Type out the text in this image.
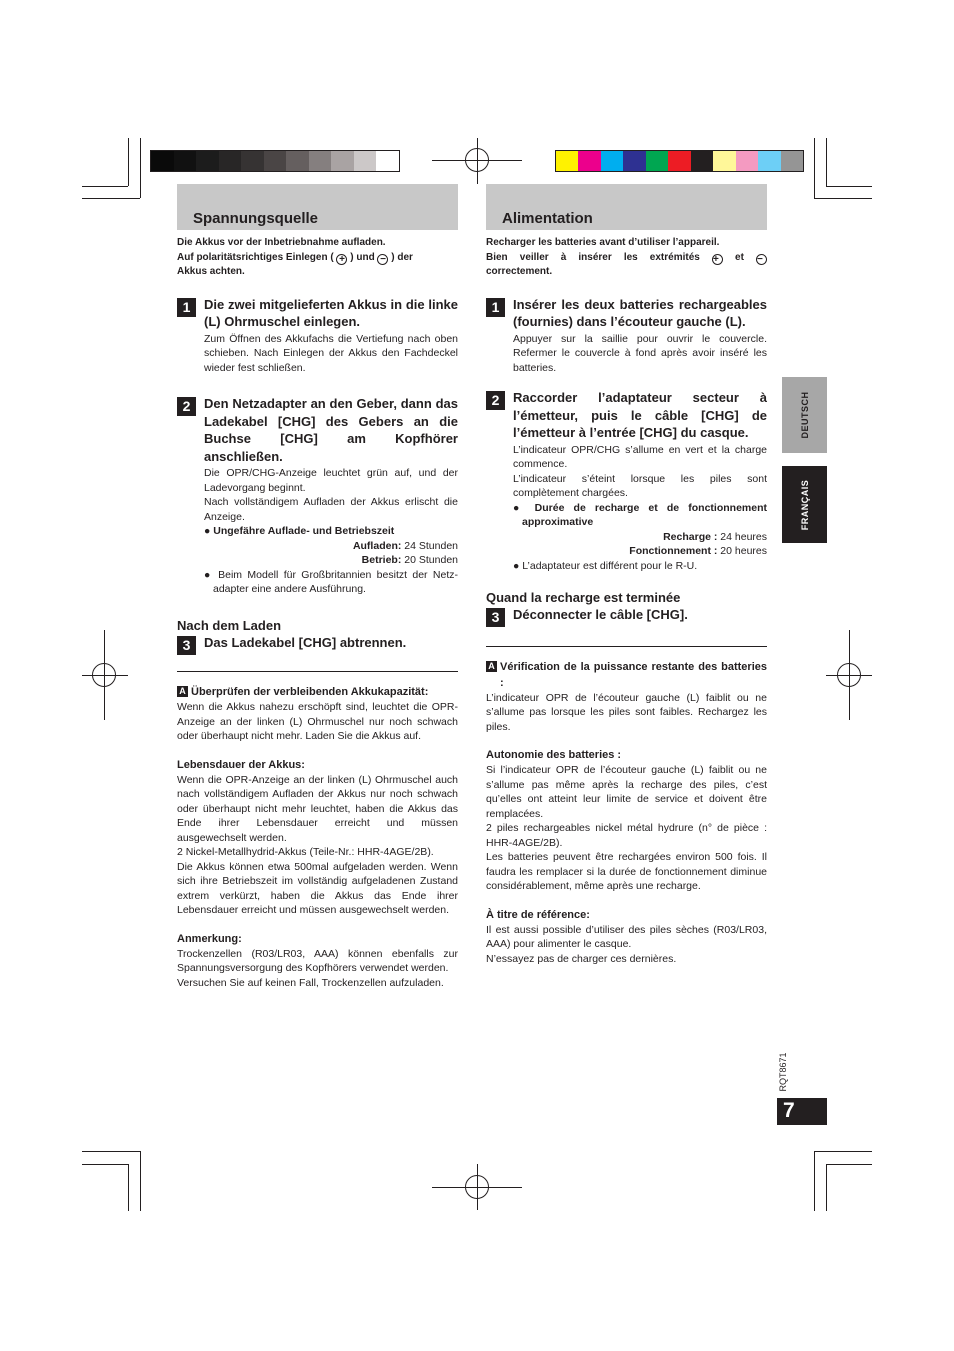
Spannungsquelle
Die Akkus vor der Inbetriebnahme aufladen.
Auf polaritätsrichtiges Einlegen ( + ) und − ) der
Akkus achten.
1	Die zwei mitgelieferten Akkus in die linke (L) Ohrmuschel einlegen.
Zum Öffnen des Akkufachs die Vertiefung nach oben schieben. Nach Einlegen der Akkus den Fachdeckel wieder fest schließen.
2	Den Netzadapter an den Geber, dann das Ladekabel [CHG] des Gebers an die Buchse [CHG] am Kopfhörer anschließen.
Die OPR/CHG-Anzeige leuchtet grün auf, und der Ladevorgang beginnt.
Nach vollständigem Aufladen der Akkus erlischt die Anzeige.
● Ungefähre Auflade- und Betriebszeit
Aufladen: 24 Stunden
Betrieb: 20 Stunden
● Beim Modell für Großbritannien besitzt der Netz-adapter eine andere Ausführung.
Nach dem Laden
3	Das Ladekabel [CHG] abtrennen.
A Überprüfen der verbleibenden Akkukapazität:
Wenn die Akkus nahezu erschöpft sind, leuchtet die OPR-Anzeige an der linken (L) Ohrmuschel nur noch schwach oder überhaupt nicht mehr. Laden Sie die Akkus auf.
Lebensdauer der Akkus:
Wenn die OPR-Anzeige an der linken (L) Ohrmuschel auch nach vollständigem Aufladen der Akkus nur noch schwach oder überhaupt nicht mehr leuchtet, haben die Akkus das Ende ihrer Lebensdauer erreicht und müssen ausgewechselt werden.
2 Nickel-Metallhydrid-Akkus (Teile-Nr.: HHR-4AGE/2B).
Die Akkus können etwa 500mal aufgeladen werden. Wenn sich ihre Betriebszeit im vollständig aufgeladenen Zustand extrem verkürzt, haben die Akkus das Ende ihrer Lebensdauer erreicht und müssen ausgewechselt werden.
Anmerkung:
Trockenzellen (R03/LR03, AAA) können ebenfalls zur Spannungsversorgung des Kopfhörers verwendet werden.
Versuchen Sie auf keinen Fall, Trockenzellen aufzuladen.
Alimentation
Recharger les batteries avant d’utiliser l’appareil.
Bien veiller à insérer les extrémités + et −
correctement.
1	Insérer les deux batteries rechargeables (fournies) dans l’écouteur gauche (L).
Appuyer sur la saillie pour ouvrir le couvercle. Refermer le couvercle à fond après avoir inséré les batteries.
2	Raccorder l’adaptateur secteur à l’émetteur, puis le câble [CHG] de l’émetteur à l’entrée [CHG] du casque.
L’indicateur OPR/CHG s’allume en vert et la charge commence.
L’indicateur s’éteint lorsque les piles sont complètement chargées.
● Durée de recharge et de fonctionnement approximative
Recharge : 24 heures
Fonctionnement : 20 heures
● L’adaptateur est différent pour le R-U.
Quand la recharge est terminée
3	Déconnecter le câble [CHG].
A Vérification de la puissance restante des batteries :
L’indicateur OPR de l’écouteur gauche (L) faiblit ou ne s’allume pas lorsque les piles sont faibles. Rechargez les piles.
Autonomie des batteries :
Si l’indicateur OPR de l’écouteur gauche (L) faiblit ou ne s’allume pas même après la recharge des piles, c’est qu’elles ont atteint leur limite de service et doivent être remplacées.
2 piles rechargeables nickel métal hydrure (n° de pièce : HHR-4AGE/2B).
Les batteries peuvent être rechargées environ 500 fois. Il faudra les remplacer si la durée de fonctionnement diminue considérablement, même après une recharge.
À titre de référence:
Il est aussi possible d’utiliser des piles sèches (R03/LR03, AAA) pour alimenter le casque.
N’essayez pas de charger ces dernières.
DEUTSCH
FRANÇAIS
RQT8671
7
